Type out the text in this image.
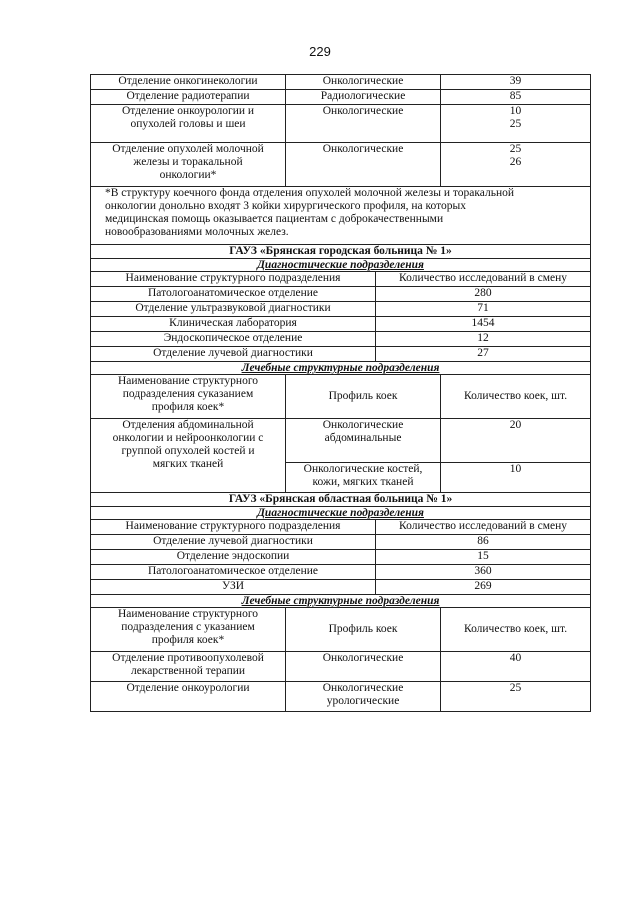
229
Отделение онкогинекологии	Онкологические		39

Отделение радиотерапии	Радиологические		85

Отделение онкоурологии и
опухолей головы и шеи	Онкологические		10
25

Отделение опухолей молочной
железы и торакальной
онкологии*	Онкологические		25
26

*В структуру коечного фонда отделения опухолей молочной железы и торакальной
онкологии донольно входят 3 койки хирургического профиля, на которых
медицинская помощь оказывается пациентам с доброкачественными
новообразованиями молочных желез.			

ГАУЗ «Брянская городская больница № 1»			

Диагностические подразделения			

Наименование структурного подразделения		Количество исследований в смену	

Патологоанатомическое отделение		280	

Отделение ультразвуковой диагностики		71	

Клиническая лаборатория		1454	

Эндоскопическое отделение		12	

Отделение лучевой диагностики		27	

Лечебные структурные подразделения			

Наименование структурного
подразделения суказанием
профиля коек*	Профиль коек		Количество коек, шт.

Отделения абдоминальной
онкологии и нейроонкологии с
группой опухолей костей и
мягких тканей	Онкологические
абдоминальные		20

	Онкологические костей,
кожи, мягких тканей		10

ГАУЗ «Брянская областная больница № 1»			

Диагностические подразделения			

Наименование структурного подразделения		Количество исследований в смену	

Отделение лучевой диагностики		86	

Отделение эндоскопии		15	

Патологоанатомическое отделение		360	

УЗИ		269	

Лечебные структурные подразделения			

Наименование структурного
подразделения с указанием
профиля коек*	Профиль коек		Количество коек, шт.

Отделение противоопухолевой
лекарственной терапии	Онкологические		40

Отделение онкоурологии	Онкологические
урологические		25
